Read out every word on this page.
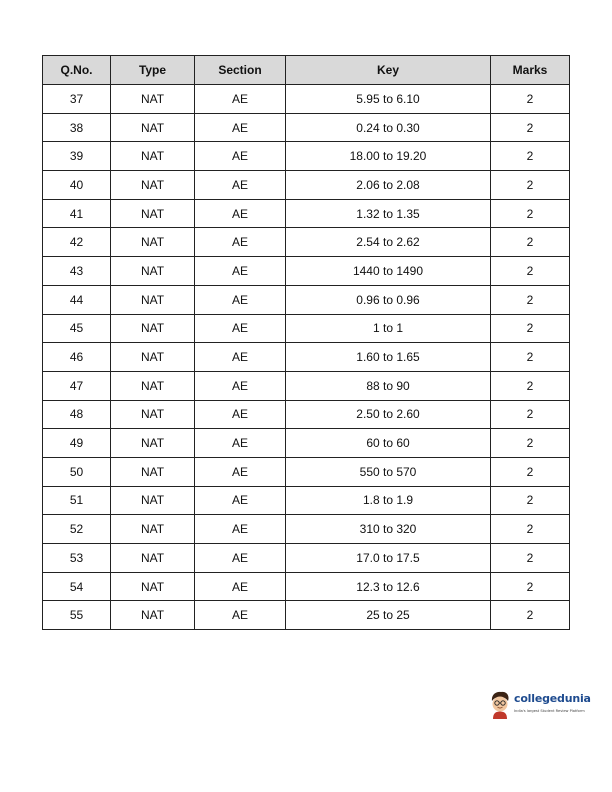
Q.No.	Type	Section	Key	Marks
37	NAT	AE	5.95 to 6.10	2
38	NAT	AE	0.24 to 0.30	2
39	NAT	AE	18.00 to 19.20	2
40	NAT	AE	2.06 to 2.08	2
41	NAT	AE	1.32 to 1.35	2
42	NAT	AE	2.54 to 2.62	2
43	NAT	AE	1440 to 1490	2
44	NAT	AE	0.96 to 0.96	2
45	NAT	AE	1 to 1	2
46	NAT	AE	1.60 to 1.65	2
47	NAT	AE	88 to 90	2
48	NAT	AE	2.50 to 2.60	2
49	NAT	AE	60 to 60	2
50	NAT	AE	550 to 570	2
51	NAT	AE	1.8 to 1.9	2
52	NAT	AE	310 to 320	2
53	NAT	AE	17.0 to 17.5	2
54	NAT	AE	12.3 to 12.6	2
55	NAT	AE	25 to 25	2
collegedunia
India's largest Student Review Platform
